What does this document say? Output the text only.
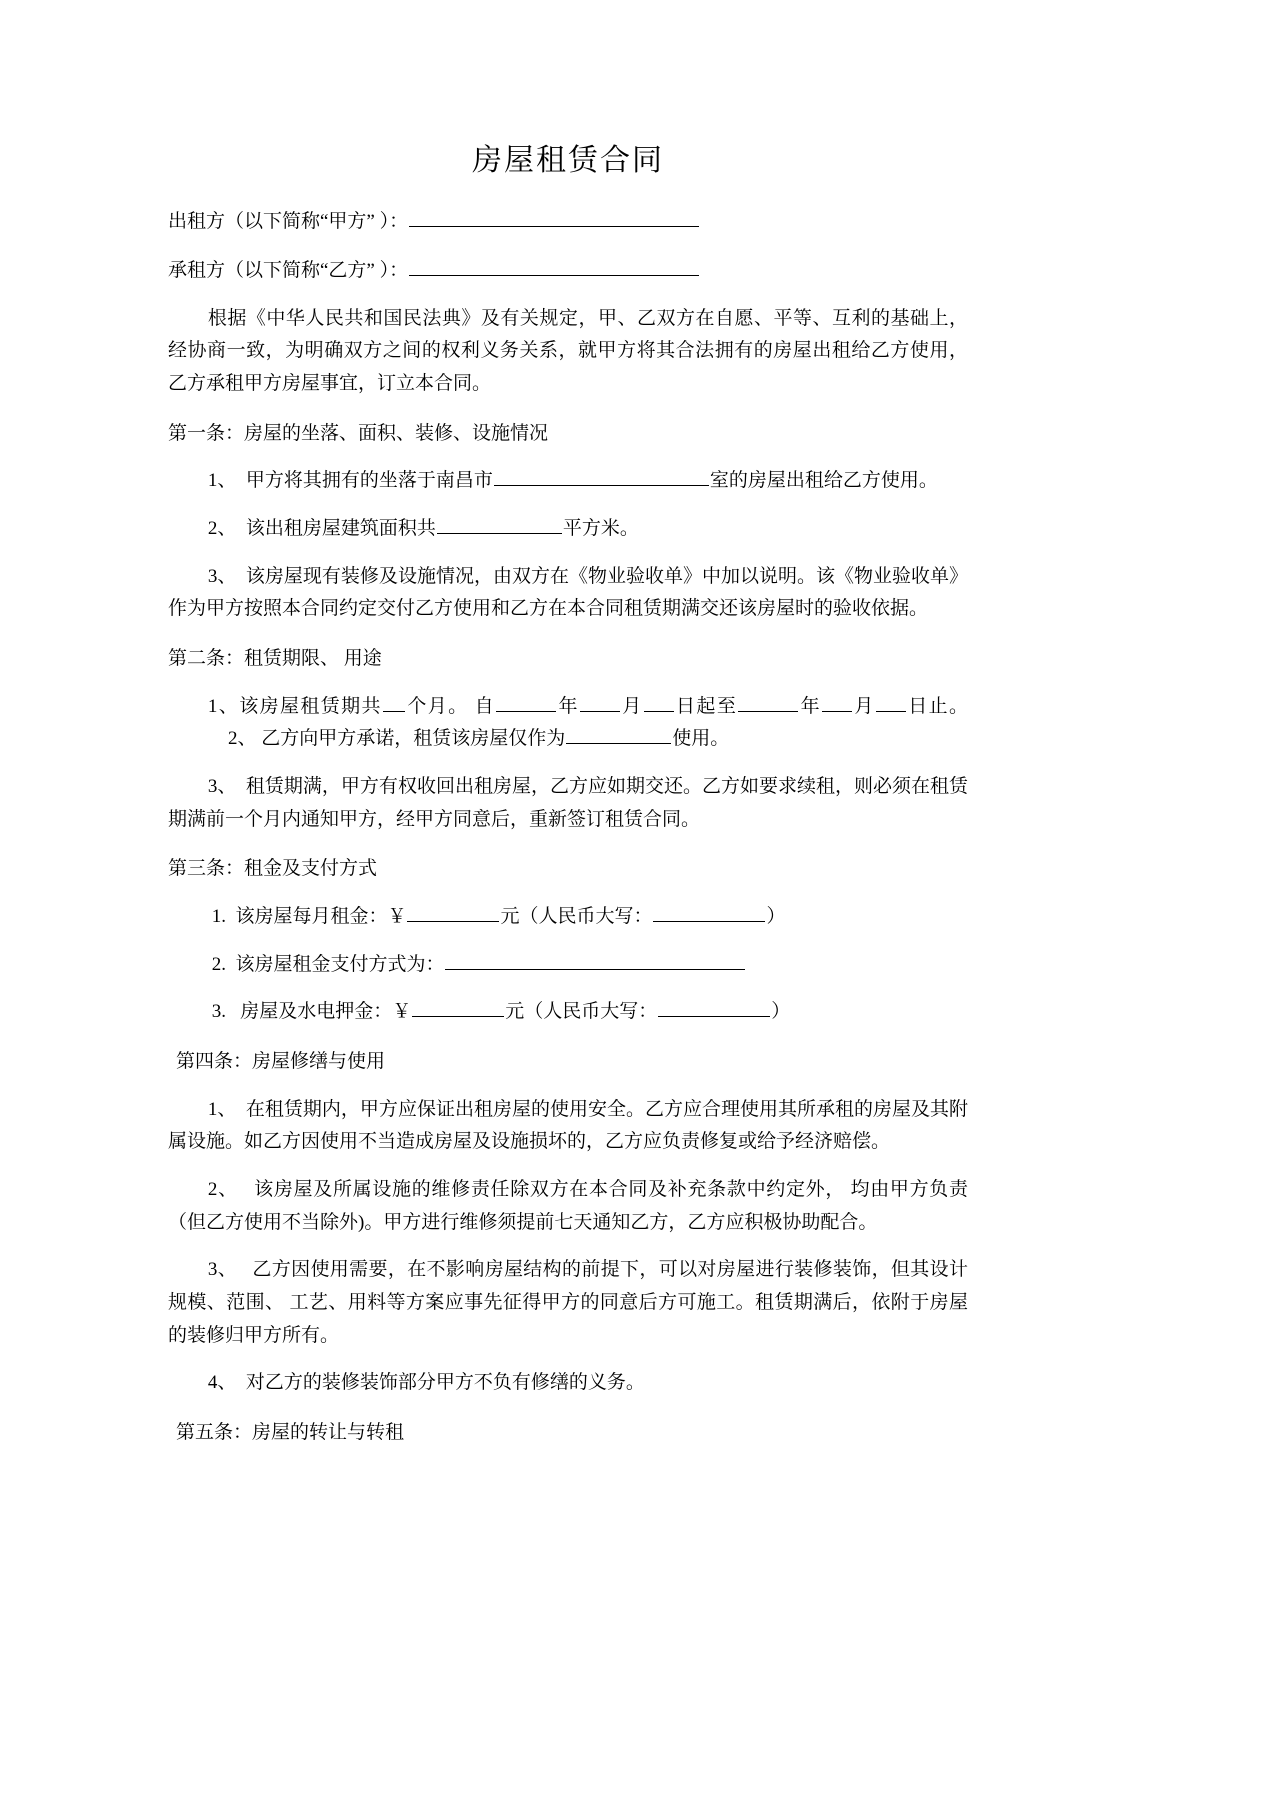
房屋租赁合同
出租方（以下简称“甲方” ）：
承租方（以下简称“乙方” ）：

根据《中华人民共和国民法典》及有关规定，甲、乙双方在自愿、平等、互利的基础上， 经协商一致，为明确双方之间的权利义务关系，就甲方将其合法拥有的房屋出租给乙方使用， 乙方承租甲方房屋事宜，订立本合同。

第一条：房屋的坐落、面积、装修、设施情况

1、 甲方将其拥有的坐落于南昌市	室的房屋出租给乙方使用。

2、 该出租房屋建筑面积共	平方米。

3、 该房屋现有装修及设施情况，由双方在《物业验收单》中加以说明。该《物业验收单》作为甲方按照本合同约定交付乙方使用和乙方在本合同租赁期满交还该房屋时的验收依据。

第二条：租赁期限、 用途

1、该房屋租赁期共 个月。 自	年 月 日起至	年 月 日止。2、 乙方向甲方承诺，租赁该房屋仅作为	使用。

3、 租赁期满，甲方有权收回出租房屋，乙方应如期交还。乙方如要求续租，则必须在租赁期满前一个月内通知甲方，经甲方同意后，重新签订租赁合同。

第三条：租金及支付方式

1. 该房屋每月租金：￥	元（人民币大写：	）

2. 该房屋租金支付方式为：

3.   房屋及水电押金：￥	元（人民币大写：	）

第四条：房屋修缮与使用

1、 在租赁期内，甲方应保证出租房屋的使用安全。乙方应合理使用其所承租的房屋及其附属设施。如乙方因使用不当造成房屋及设施损坏的，乙方应负责修复或给予经济赔偿。

2、   该房屋及所属设施的维修责任除双方在本合同及补充条款中约定外， 均由甲方负责（但乙方使用不当除外)。甲方进行维修须提前七天通知乙方，乙方应积极协助配合。

3、   乙方因使用需要，在不影响房屋结构的前提下，可以对房屋进行装修装饰，但其设计规模、范围、 工艺、用料等方案应事先征得甲方的同意后方可施工。租赁期满后，依附于房屋的装修归甲方所有。

4、 对乙方的装修装饰部分甲方不负有修缮的义务。

第五条：房屋的转让与转租
